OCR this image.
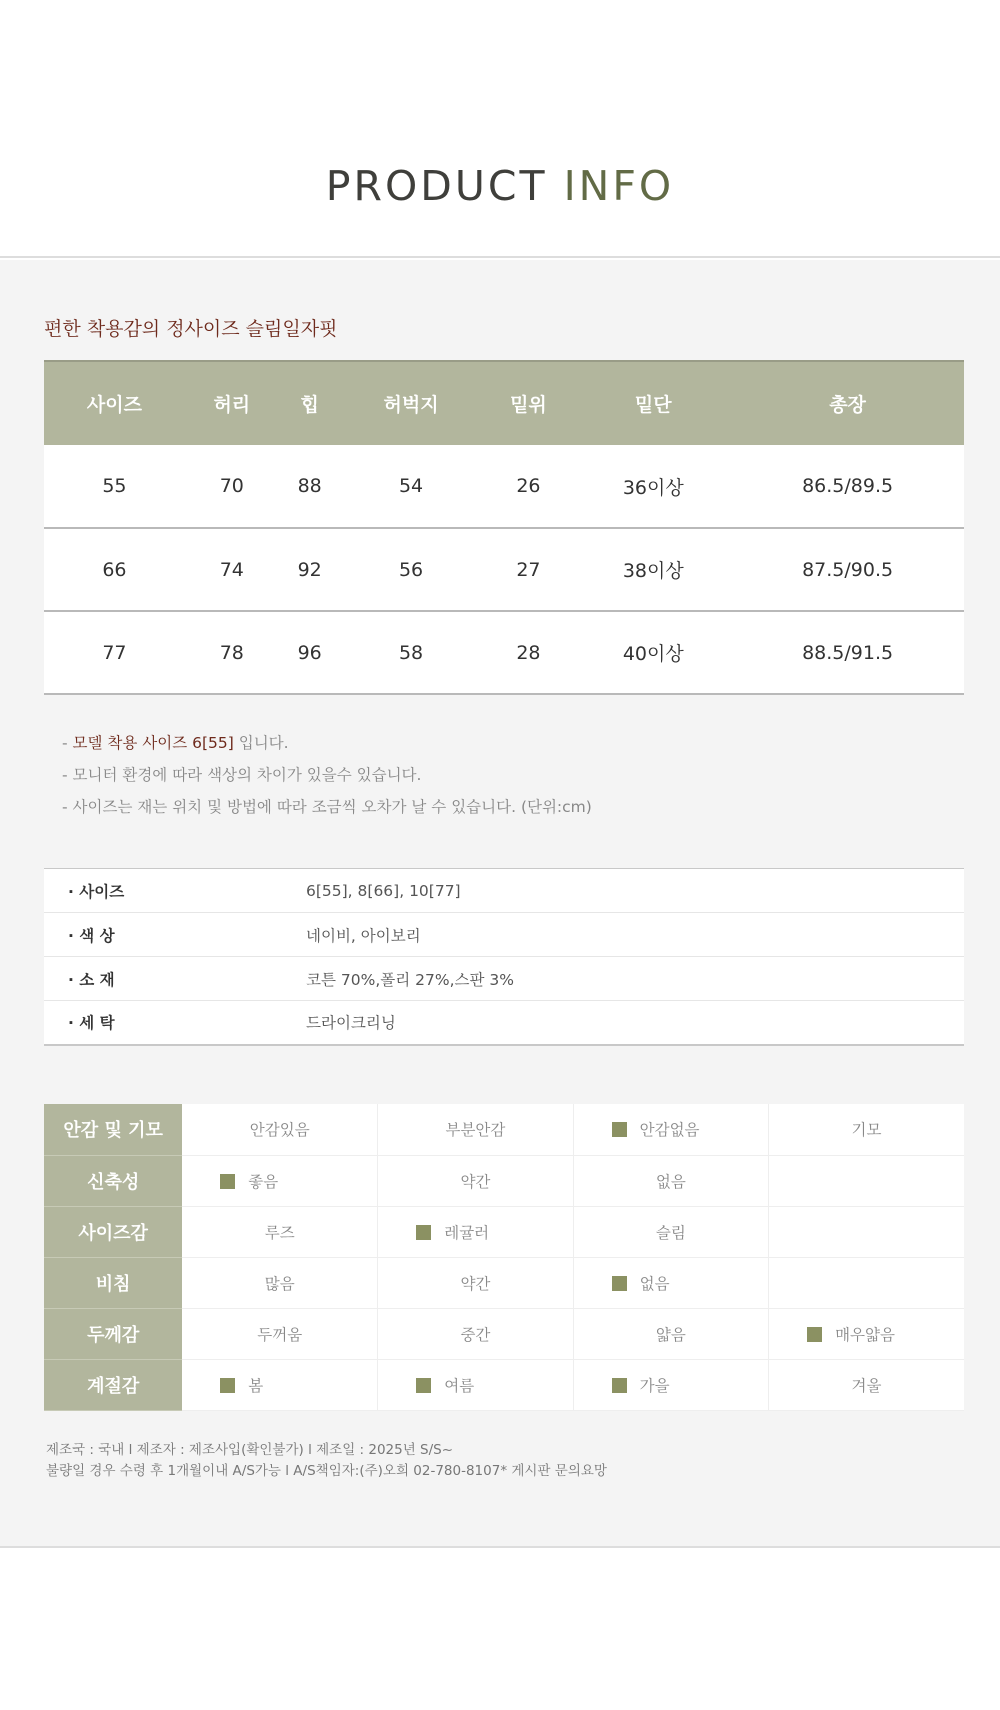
PRODUCT INFO
편한 착용감의 정사이즈 슬림일자핏
사이즈	허리	힙	허벅지	밑위	밑단	총장
55	70	88	54	26	36이상	86.5/89.5
66	74	92	56	27	38이상	87.5/90.5
77	78	96	58	28	40이상	88.5/91.5
- 모델 착용 사이즈 6[55] 입니다.
- 모니터 환경에 따라 색상의 차이가 있을수 있습니다.
- 사이즈는 재는 위치 및 방법에 따라 조금씩 오차가 날 수 있습니다. (단위:cm)
· 사이즈	6[55], 8[66], 10[77]
· 색 상	네이비, 아이보리
· 소 재	코튼 70%,폴리 27%,스판 3%
· 세 탁	드라이크리닝
안감 및 기모	안감있음	부분안감	안감없음	기모
신축성	좋음	약간	없음	
사이즈감	루즈	레귤러	슬림	
비침	많음	약간	없음	
두께감	두꺼움	중간	얇음	매우얇음
계절감	봄	여름	가을	겨울
제조국 : 국내 l 제조자 : 제조사입(확인불가) l 제조일 : 2025년 S/S~
불량일 경우 수령 후 1개월이내 A/S가능 l A/S책임자:(주)오희 02-780-8107* 게시판 문의요망
